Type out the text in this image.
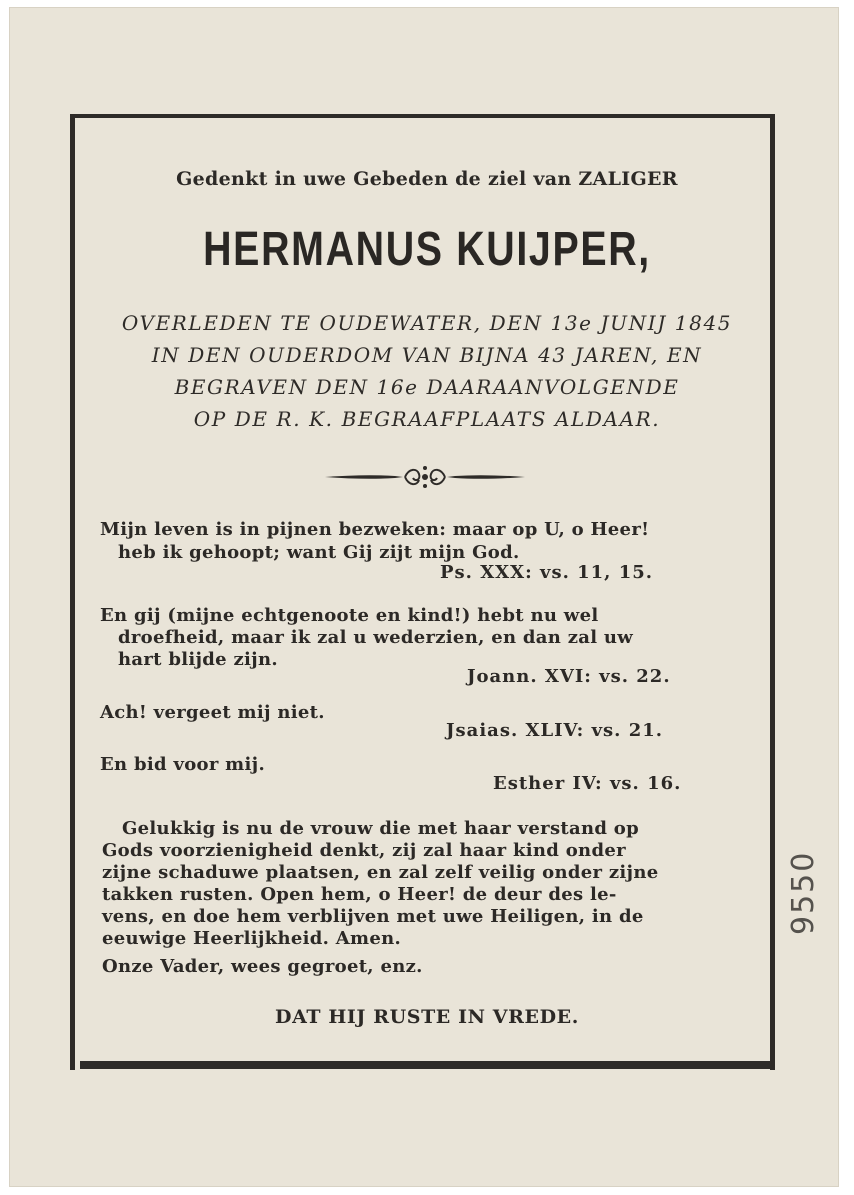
Gedenkt in uwe Gebeden de ziel van ZALIGER

HERMANUS KUIJPER,

OVERLEDEN TE OUDEWATER, DEN 13e JUNIJ 1845

IN DEN OUDERDOM VAN BIJNA 43 JAREN, EN

BEGRAVEN DEN 16e DAARAANVOLGENDE

OP DE R. K. BEGRAAFPLAATS ALDAAR.

Mijn leven is in pijnen bezweken: maar op U, o Heer!

heb ik gehoopt; want Gij zijt mijn God.

Ps. XXX: vs. 11, 15.

En gij (mijne echtgenoote en kind!) hebt nu wel

droefheid, maar ik zal u wederzien, en dan zal uw

hart blijde zijn.

Joann. XVI: vs. 22.

Ach! vergeet mij niet.

Jsaias. XLIV: vs. 21.

En bid voor mij.

Esther IV: vs. 16.

Gelukkig is nu de vrouw die met haar verstand op

Gods voorzienigheid denkt, zij zal haar kind onder

zijne schaduwe plaatsen, en zal zelf veilig onder zijne

takken rusten. Open hem, o Heer! de deur des le-

vens, en doe hem verblijven met uwe Heiligen, in de

eeuwige Heerlijkheid. Amen.

Onze Vader, wees gegroet, enz.

DAT HIJ RUSTE IN VREDE.

9550
